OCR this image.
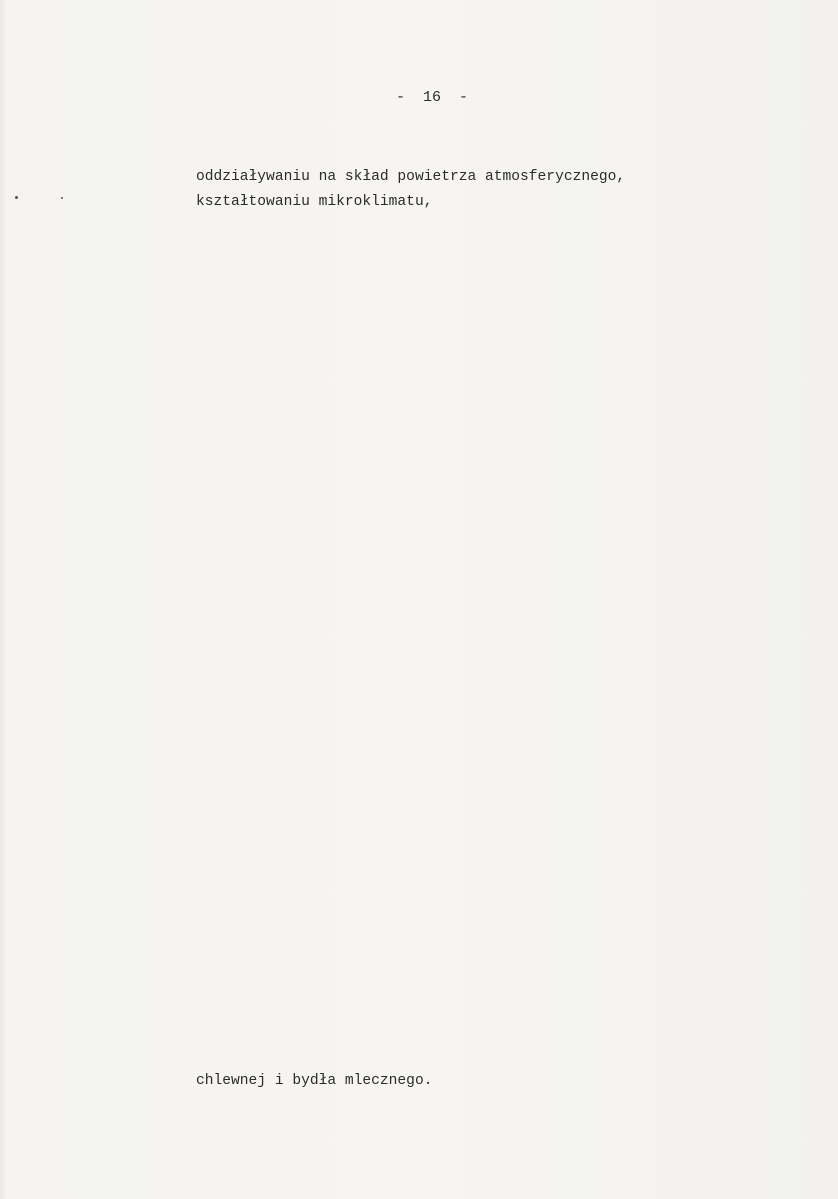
-  16  -
oddziaływaniu na skład powietrza atmosferycznego,
kształtowaniu mikroklimatu,
chlewnej i bydła mlecznego.
